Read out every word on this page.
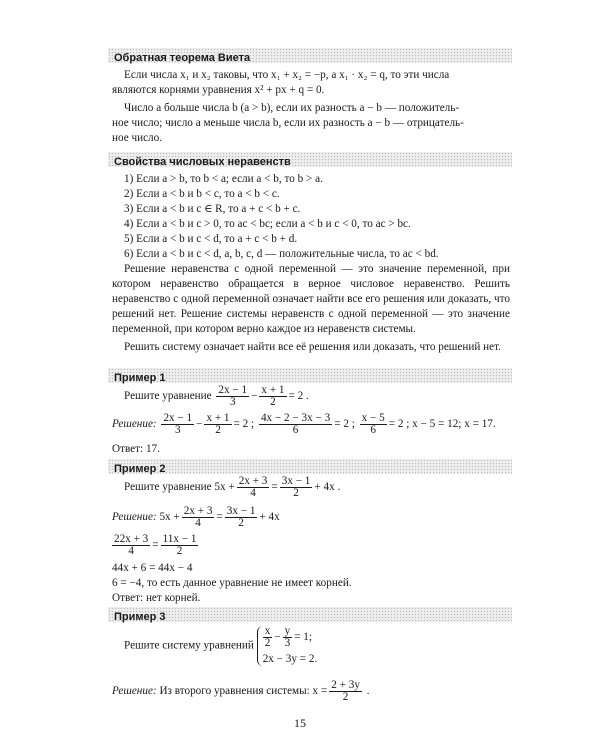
Обратная теорема Виета
Если числа x₁ и x₂ таковы, что x₁ + x₂ = −p, а x₁ · x₂ = q, то эти числа
являются корнями уравнения x² + px + q = 0.
Число a больше числа b (a > b), если их разность a − b — положитель-
ное число; число a меньше числа b, если их разность a − b — отрицатель-
ное число.
Свойства числовых неравенств
1) Если a > b, то b < a; если a < b, то b > a.
2) Если a < b и b < c, то a < b < c.
3) Если a < b и c ∈ R, то a + c < b + c.
4) Если a < b и c > 0, то ac < bc; если a < b и c < 0, то ac > bc.
5) Если a < b и c < d, то a + c < b + d.
6) Если a < b и c < d, a, b, c, d — положительные числа, то ac < bd.
Решение неравенства с одной переменной — это значение переменной, при котором неравенство обращается в верное числовое неравенство. Решить неравенство с одной переменной означает найти все его решения или доказать, что решений нет. Решение системы неравенств с одной переменной — это значение переменной, при котором верно каждое из неравенств системы.
Решить систему означает найти все её решения или доказать, что решений нет.
Пример 1
Решите уравнение $\frac{2x - 1}{3} - \frac{x + 1}{2} = 2$ .
Решение: $\frac{2x - 1}{3} - \frac{x + 1}{2} = 2$ ; $\frac{4x - 2 - 3x - 3}{6} = 2$ ; $\frac{x - 5}{6} = 2$ ; x − 5 = 12; x = 17.
Ответ: 17.
Пример 2
Решите уравнение $5x + \frac{2x + 3}{4} = \frac{3x - 1}{2} + 4x$ .
Решение: $5x + \frac{2x + 3}{4} = \frac{3x - 1}{2} + 4x$
$\frac{22x + 3}{4} = \frac{11x - 1}{2}$
44x + 6 = 44x − 4
6 = −4, то есть данное уравнение не имеет корней.
Ответ: нет корней.
Пример 3
Решите систему уравнений $\frac{x}{2} - \frac{y}{3} = 1$;
2x − 3y = 2.
Решение: Из второго уравнения системы: $x = \frac{2 + 3y}{2}$ .
15
